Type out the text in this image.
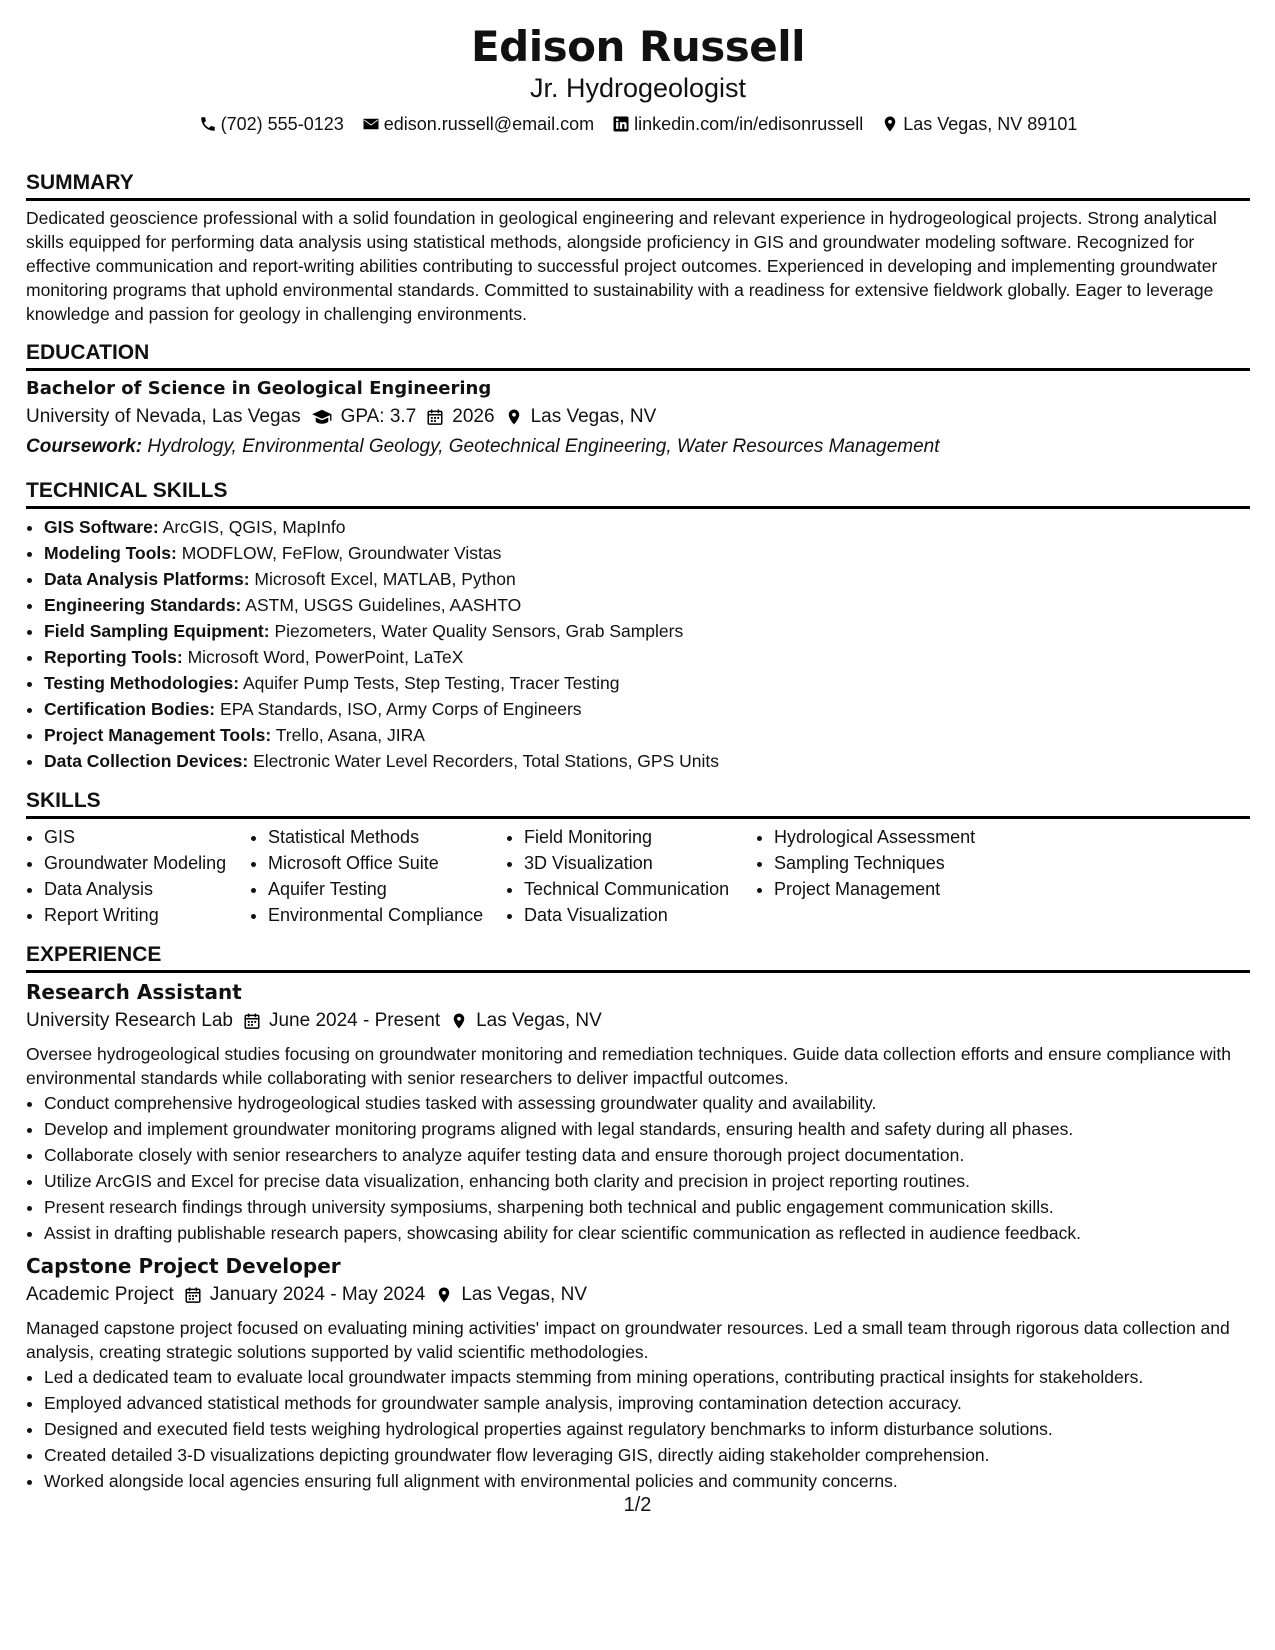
Edison Russell
Jr. Hydrogeologist
(702) 555-0123 edison.russell@email.com linkedin.com/in/edisonrussell Las Vegas, NV 89101
SUMMARY

Dedicated geoscience professional with a solid foundation in geological engineering and relevant experience in hydrogeological projects. Strong analytical skills equipped for performing data analysis using statistical methods, alongside proficiency in GIS and groundwater modeling software. Recognized for effective communication and report-writing abilities contributing to successful project outcomes. Experienced in developing and implementing groundwater monitoring programs that uphold environmental standards. Committed to sustainability with a readiness for extensive fieldwork globally. Eager to leverage knowledge and passion for geology in challenging environments.

EDUCATION
Bachelor of Science in Geological Engineering
University of Nevada, Las Vegas GPA: 3.7 2026 Las Vegas, NV
Coursework: Hydrology, Environmental Geology, Geotechnical Engineering, Water Resources Management
TECHNICAL SKILLS
• GIS Software: ArcGIS, QGIS, MapInfo
• Modeling Tools: MODFLOW, FeFlow, Groundwater Vistas
• Data Analysis Platforms: Microsoft Excel, MATLAB, Python
• Engineering Standards: ASTM, USGS Guidelines, AASHTO
• Field Sampling Equipment: Piezometers, Water Quality Sensors, Grab Samplers
• Reporting Tools: Microsoft Word, PowerPoint, LaTeX
• Testing Methodologies: Aquifer Pump Tests, Step Testing, Tracer Testing
• Certification Bodies: EPA Standards, ISO, Army Corps of Engineers
• Project Management Tools: Trello, Asana, JIRA
• Data Collection Devices: Electronic Water Level Recorders, Total Stations, GPS Units
SKILLS
• GIS
• Groundwater Modeling
• Data Analysis
• Report Writing
• Statistical Methods
• Microsoft Office Suite
• Aquifer Testing
• Environmental Compliance
• Field Monitoring
• 3D Visualization
• Technical Communication
• Data Visualization
• Hydrological Assessment
• Sampling Techniques
• Project Management
EXPERIENCE
Research Assistant
University Research Lab June 2024 - Present Las Vegas, NV

Oversee hydrogeological studies focusing on groundwater monitoring and remediation techniques. Guide data collection efforts and ensure compliance with environmental standards while collaborating with senior researchers to deliver impactful outcomes.

• Conduct comprehensive hydrogeological studies tasked with assessing groundwater quality and availability.
• Develop and implement groundwater monitoring programs aligned with legal standards, ensuring health and safety during all phases.
• Collaborate closely with senior researchers to analyze aquifer testing data and ensure thorough project documentation.
• Utilize ArcGIS and Excel for precise data visualization, enhancing both clarity and precision in project reporting routines.
• Present research findings through university symposiums, sharpening both technical and public engagement communication skills.
• Assist in drafting publishable research papers, showcasing ability for clear scientific communication as reflected in audience feedback.
Capstone Project Developer
Academic Project January 2024 - May 2024 Las Vegas, NV

Managed capstone project focused on evaluating mining activities' impact on groundwater resources. Led a small team through rigorous data collection and analysis, creating strategic solutions supported by valid scientific methodologies.

• Led a dedicated team to evaluate local groundwater impacts stemming from mining operations, contributing practical insights for stakeholders.
• Employed advanced statistical methods for groundwater sample analysis, improving contamination detection accuracy.
• Designed and executed field tests weighing hydrological properties against regulatory benchmarks to inform disturbance solutions.
• Created detailed 3-D visualizations depicting groundwater flow leveraging GIS, directly aiding stakeholder comprehension.
• Worked alongside local agencies ensuring full alignment with environmental policies and community concerns.
1/2
